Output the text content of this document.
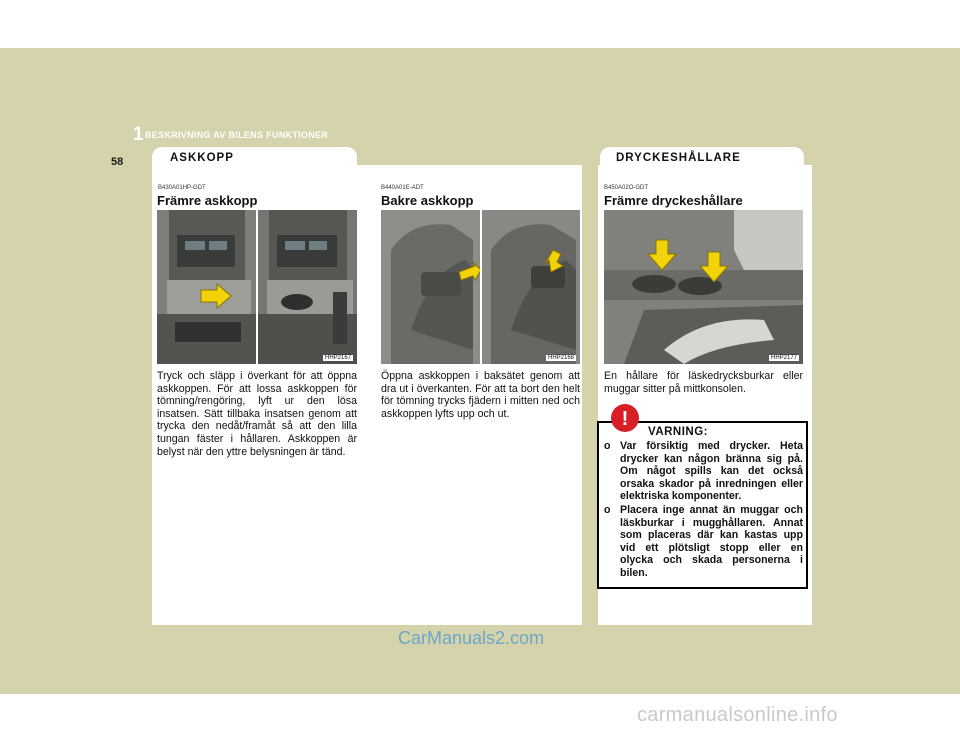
1 BESKRIVNING AV BILENS FUNKTIONER
58	ASKKOPP	DRYCKESHÅLLARE
B430A01HP-GDT
Främre askkopp
HHP2167
Tryck och släpp i överkant för att öppna askkoppen. För att lossa askkoppen för tömning/rengöring, lyft ur den lösa insatsen. Sätt tillbaka insatsen genom att trycka den nedåt/framåt så att den lilla tungan fäster i hållaren. Askkoppen är belyst när den yttre belysningen är tänd.
B440A01E-ADT
Bakre askkopp
HHP2168
Öppna askkoppen i baksätet genom att dra ut i överkanten. För att ta bort den helt för tömning trycks fjädern i mitten ned och askkoppen lyfts upp och ut.
B450A02O-GDT
Främre dryckeshållare
HHP2177
En hållare för läskedrycksburkar eller muggar sitter på mittkonsolen.
VARNING:
o Var försiktig med drycker. Heta drycker kan någon bränna sig på. Om något spills kan det också orsaka skador på inredningen eller elektriska komponenter.
o Placera inge annat än muggar och läskburkar i mugghållaren. Annat som placeras där kan kastas upp vid ett plötsligt stopp eller en olycka och skada personerna i bilen.
!
CarManuals2.com
carmanualsonline.info
